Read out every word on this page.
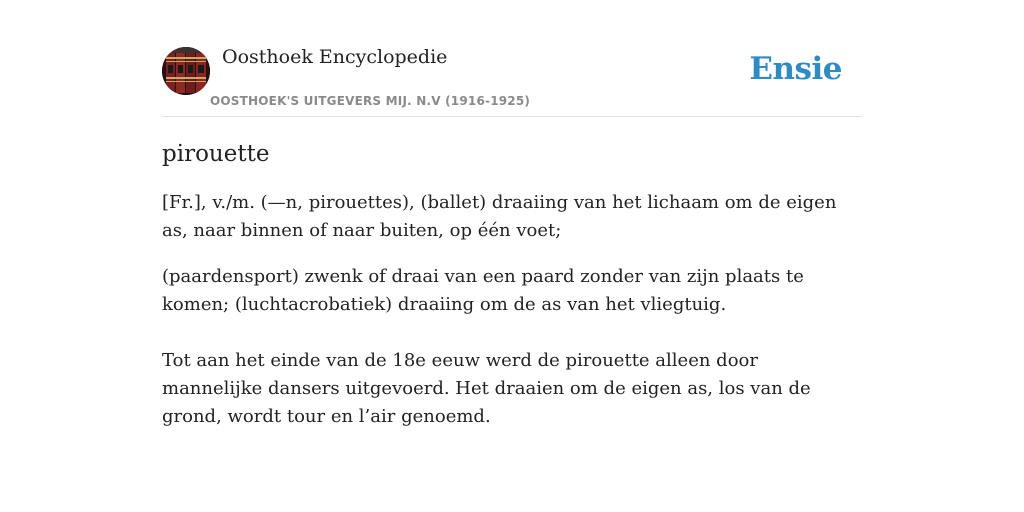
Oosthoek Encyclopedie
OOSTHOEK'S UITGEVERS MIJ. N.V (1916-1925)
Ensie
pirouette

[Fr.], v./m. (—n, pirouettes), (ballet) draaiing van het lichaam om de eigen as, naar binnen of naar buiten, op één voet;

(paardensport) zwenk of draai van een paard zonder van zijn plaats te komen; (luchtacrobatiek) draaiing om de as van het vliegtuig.

Tot aan het einde van de 18e eeuw werd de pirouette alleen door mannelijke dansers uitgevoerd. Het draaien om de eigen as, los van de grond, wordt tour en l’air genoemd.
